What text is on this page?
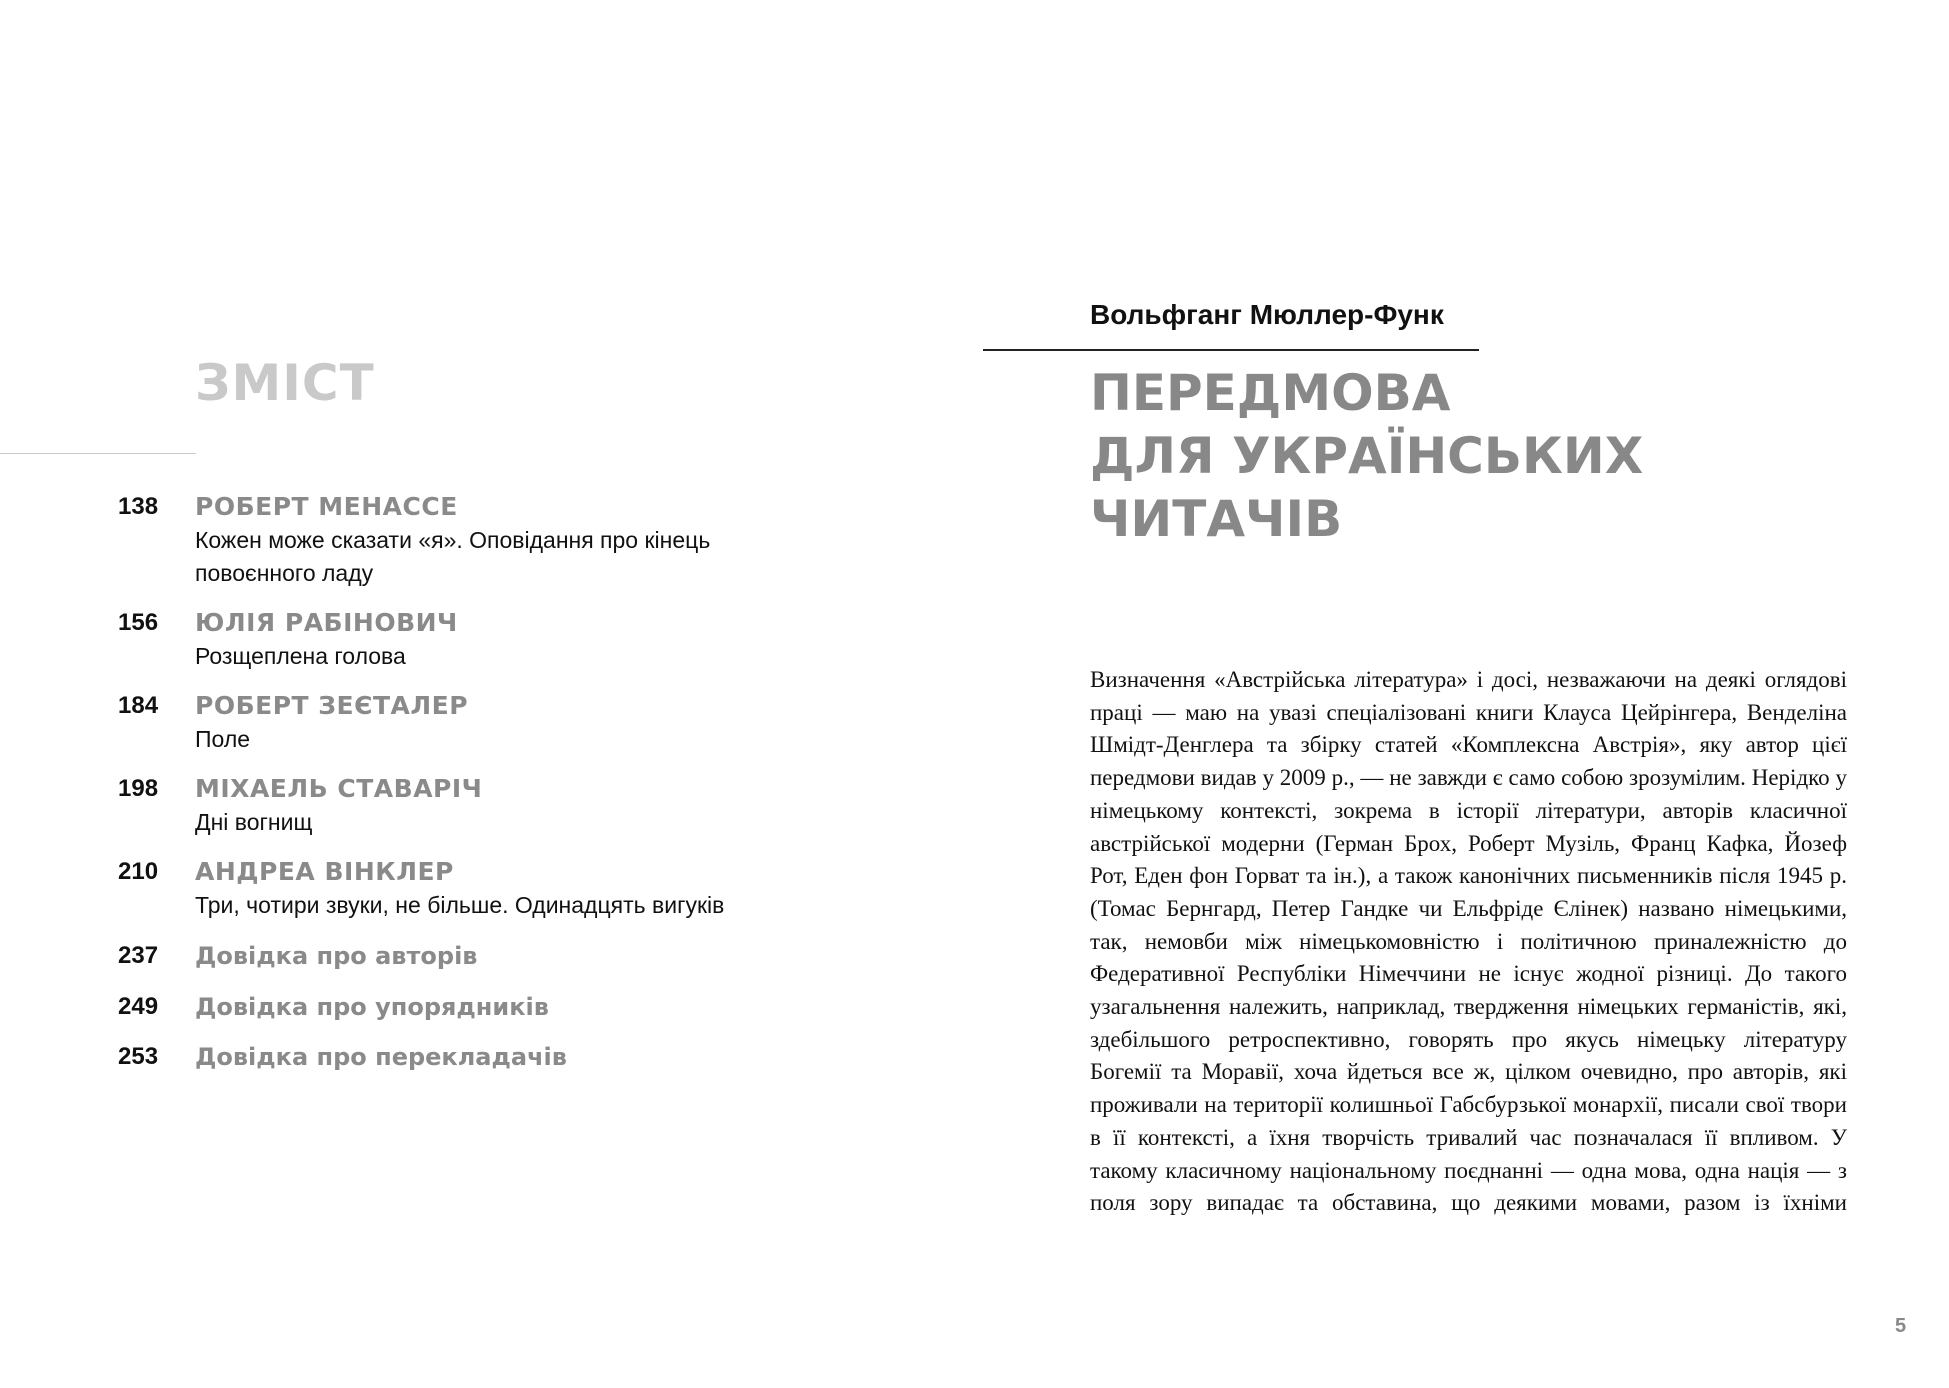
ЗМІСТ
138	РОБЕРТ МЕНАССЕ
Кожен може сказати «я». Оповідання про кінець повоєнного ладу
156	ЮЛІЯ РАБІНОВИЧ
Розщеплена голова
184	РОБЕРТ ЗЕЄТАЛЕР
Поле
198	МІХАЕЛЬ СТАВАРІЧ
Дні вогнищ
210	АНДРЕА ВІНКЛЕР
Три, чотири звуки, не більше. Одинадцять вигуків
237	Довідка про авторів
249	Довідка про упорядників
253	Довідка про перекладачів
Вольфганг Мюллер-Функ
ПЕРЕДМОВА
ДЛЯ УКРАЇНСЬКИХ
ЧИТАЧІВ
Визначення «Австрійська література» і досі, незважаючи на деякі оглядові праці — маю на увазі спеціалізовані книги Клауса Цейрінгера, Венделіна Шмідт-Денглера та збірку статей «Комплексна Австрія», яку автор цієї передмови видав у 2009 р., — не завжди є само собою зрозумілим. Нерідко у німецькому контексті, зокрема в історії літератури, авторів класичної австрійської модерни (Герман Брох, Роберт Музіль, Франц Кафка, Йозеф Рот, Еден фон Горват та ін.), а також канонічних письменників після 1945 р. (Томас Бернгард, Петер Гандке чи Ельфріде Єлінек) названо німецькими, так, немовби між німецькомовністю і політичною приналежністю до Федеративної Республіки Німеччини не існує жодної різниці. До такого узагальнення належить, наприклад, твердження німецьких германістів, які, здебільшого ретроспективно, говорять про якусь німецьку літературу Богемії та Моравії, хоча йдеться все ж, цілком очевидно, про авторів, які проживали на території колишньої Габсбурзької монархії, писали свої твори в її контексті, а їхня творчість тривалий час позначалася її впливом. У такому класичному національному поєднанні — одна мова, одна нація — з поля зору випадає та обставина, що деякими мовами, разом із їхніми
5
